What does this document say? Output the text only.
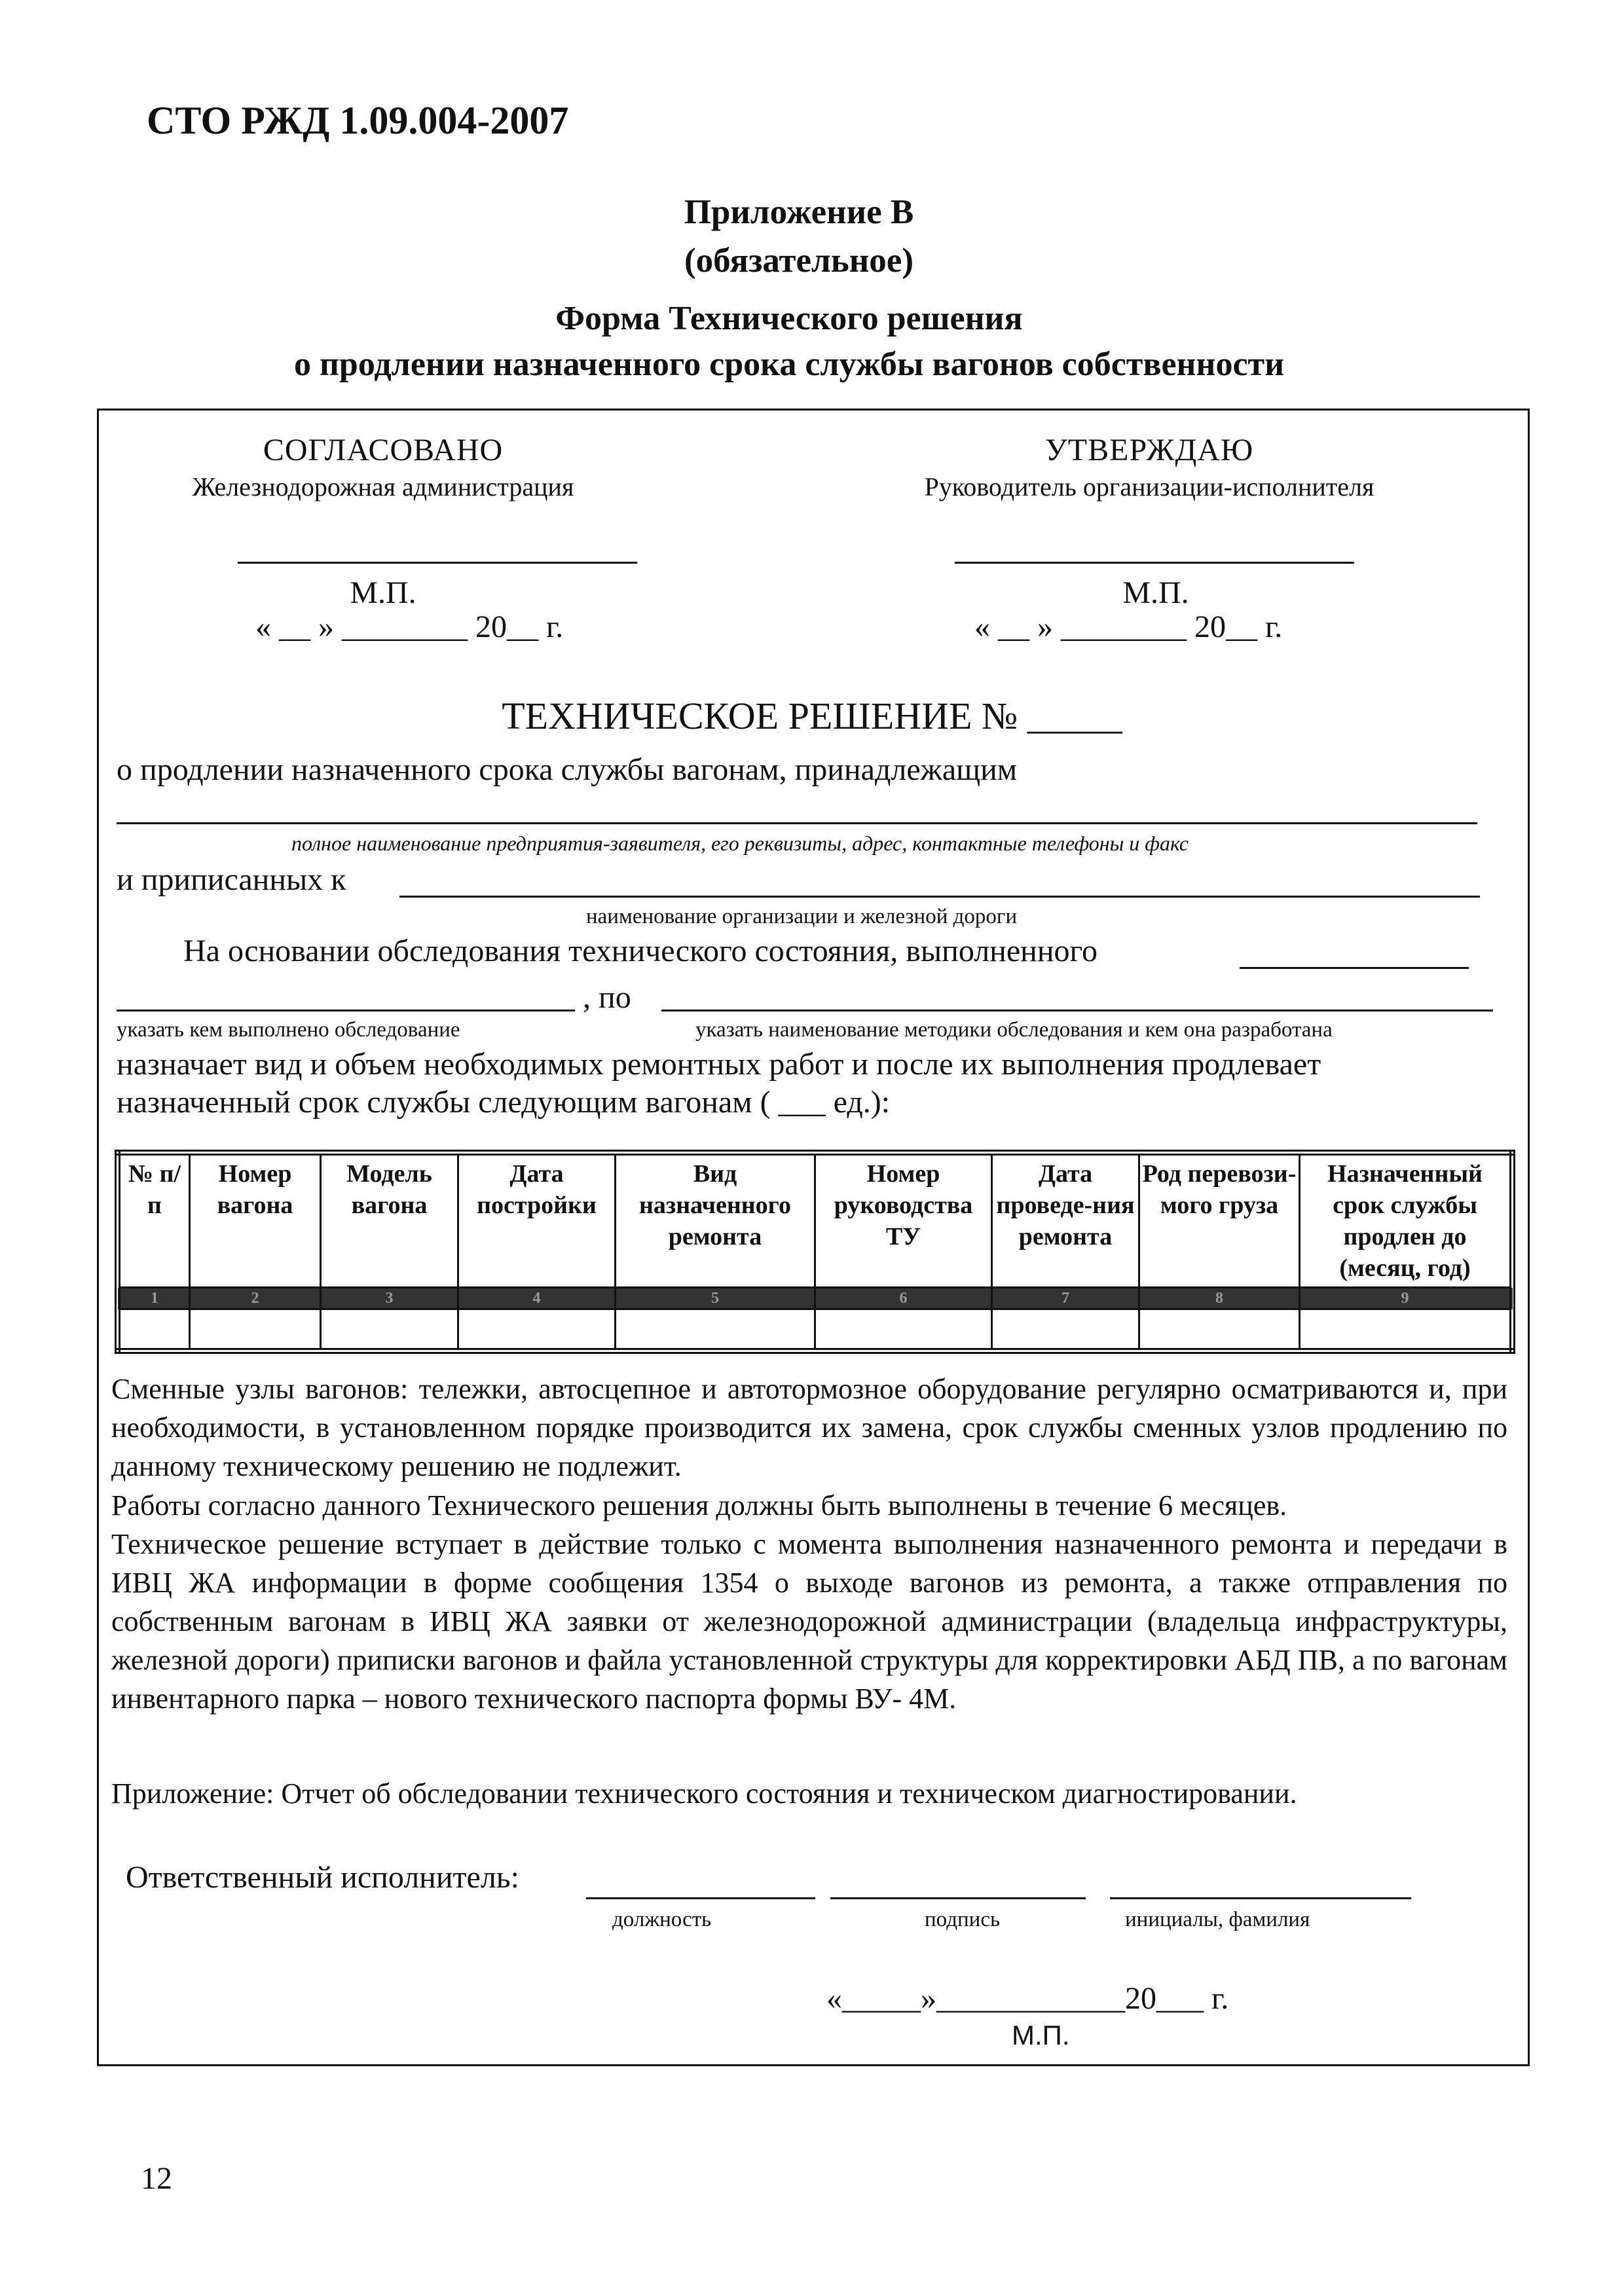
СТО РЖД 1.09.004-2007
Приложение В
(обязательное)
Форма Технического решения
о продлении назначенного срока службы вагонов собственности
СОГЛАСОВАНО
Железнодорожная администрация
М.П.
« __ » ________ 20__ г.
УТВЕРЖДАЮ
Руководитель организации-исполнителя
М.П.
« __ » ________ 20__ г.
ТЕХНИЧЕСКОЕ РЕШЕНИЕ № _____
о продлении назначенного срока службы вагонам, принадлежащим
полное наименование предприятия-заявителя, его реквизиты, адрес, контактные телефоны и факс
и приписанных к
наименование организации и железной дороги
На основании обследования технического состояния, выполненного
, по
указать кем выполнено обследование	указать наименование методики обследования и кем она разработана
назначает вид и объем необходимых ремонтных работ и после их выполнения продлевает
назначенный срок службы следующим вагонам ( ___ ед.):
№ п/п	Номер вагона	Модель вагона	Дата постройки	Вид назначенного ремонта	Номер руководства ТУ	Дата проведе-ния ремонта	Род перевози-мого груза	Назначенный срок службы продлен до (месяц, год)
1	2	3	4	5	6	7	8	9

Сменные узлы вагонов: тележки, автосцепное и автотормозное оборудование регулярно осматриваются и, при необходимости, в установленном порядке производится их замена, срок службы сменных узлов продлению по данному техническому решению не подлежит.
Работы согласно данного Технического решения должны быть выполнены в течение 6 месяцев.
Техническое решение вступает в действие только с момента выполнения назначенного ремонта и передачи в ИВЦ ЖА информации в форме сообщения 1354 о выходе вагонов из ремонта, а также отправления по собственным вагонам в ИВЦ ЖА заявки от железнодорожной администрации (владельца инфраструктуры, железной дороги) приписки вагонов и файла установленной структуры для корректировки АБД ПВ, а по вагонам инвентарного парка – нового технического паспорта формы ВУ- 4М.
Приложение: Отчет об обследовании технического состояния и техническом диагностировании.
Ответственный исполнитель:
должность	подпись	инициалы, фамилия
«_____»____________20___ г.
М.П.
12
